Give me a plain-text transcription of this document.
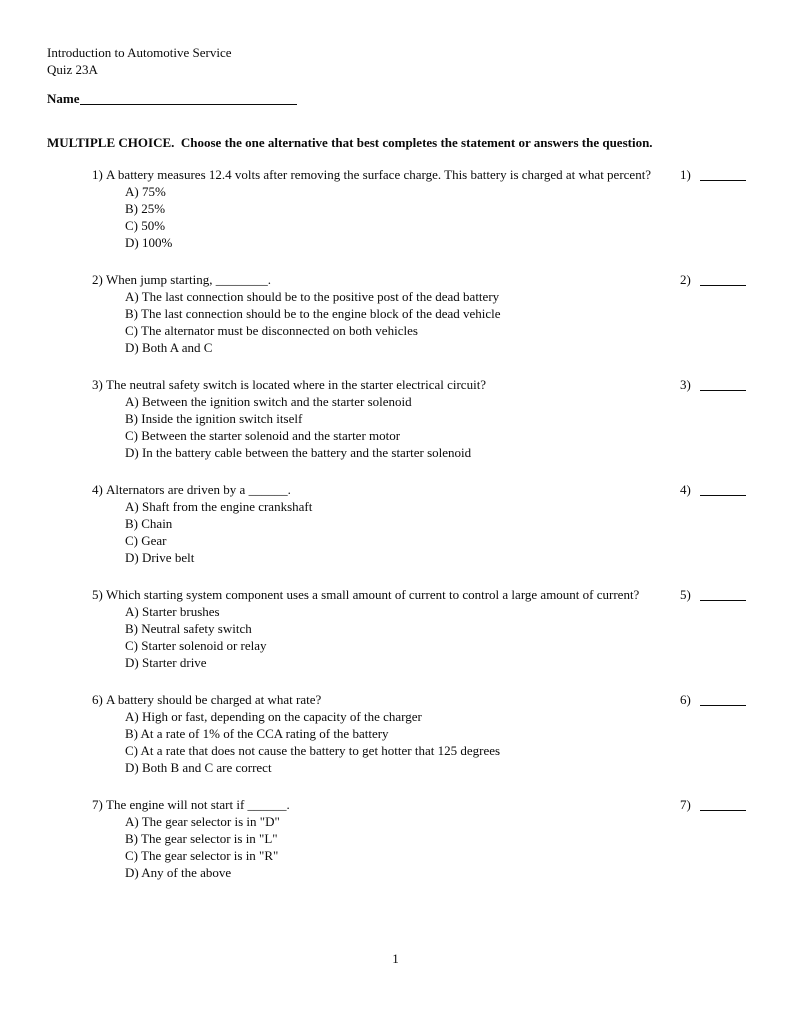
Introduction to Automotive Service
Quiz 23A
Name
MULTIPLE CHOICE.  Choose the one alternative that best completes the statement or answers the question.
1) A battery measures 12.4 volts after removing the surface charge. This battery is charged at what percent?
A) 75%
B) 25%
C) 50%
D) 100%
1)
2) When jump starting, ________.
A) The last connection should be to the positive post of the dead battery
B) The last connection should be to the engine block of the dead vehicle
C) The alternator must be disconnected on both vehicles
D) Both A and C
2)
3) The neutral safety switch is located where in the starter electrical circuit?
A) Between the ignition switch and the starter solenoid
B) Inside the ignition switch itself
C) Between the starter solenoid and the starter motor
D) In the battery cable between the battery and the starter solenoid
3)
4) Alternators are driven by a ______.
A) Shaft from the engine crankshaft
B) Chain
C) Gear
D) Drive belt
4)
5) Which starting system component uses a small amount of current to control a large amount of current?
A) Starter brushes
B) Neutral safety switch
C) Starter solenoid or relay
D) Starter drive
5)
6) A battery should be charged at what rate?
A) High or fast, depending on the capacity of the charger
B) At a rate of 1% of the CCA rating of the battery
C) At a rate that does not cause the battery to get hotter that 125 degrees
D) Both B and C are correct
6)
7) The engine will not start if ______.
A) The gear selector is in "D"
B) The gear selector is in "L"
C) The gear selector is in "R"
D) Any of the above
7)
1
